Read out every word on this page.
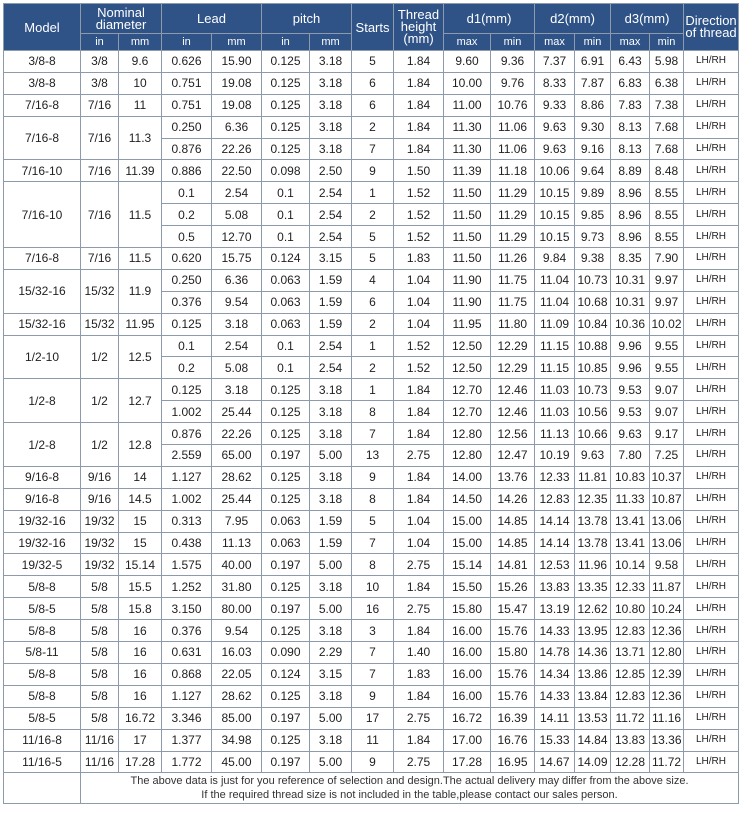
Model	Nominal diameter		Lead		pitch		Starts	Thread height (mm)	d1(mm)		d2(mm)		d3(mm)		Direction of thread
	in	mm	in	mm	in	mm			max	min	max	min	max	min	
3/8-8	3/8	9.6	0.626	15.90	0.125	3.18	5	1.84	9.60	9.36	7.37	6.91	6.43	5.98	LH/RH
3/8-8	3/8	10	0.751	19.08	0.125	3.18	6	1.84	10.00	9.76	8.33	7.87	6.83	6.38	LH/RH
7/16-8	7/16	11	0.751	19.08	0.125	3.18	6	1.84	11.00	10.76	9.33	8.86	7.83	7.38	LH/RH
7/16-8	7/16	11.3	0.250	6.36	0.125	3.18	2	1.84	11.30	11.06	9.63	9.30	8.13	7.68	LH/RH
			0.876	22.26	0.125	3.18	7	1.84	11.30	11.06	9.63	9.16	8.13	7.68	LH/RH
7/16-10	7/16	11.39	0.886	22.50	0.098	2.50	9	1.50	11.39	11.18	10.06	9.64	8.89	8.48	LH/RH
7/16-10	7/16	11.5	0.1	2.54	0.1	2.54	1	1.52	11.50	11.29	10.15	9.89	8.96	8.55	LH/RH
			0.2	5.08	0.1	2.54	2	1.52	11.50	11.29	10.15	9.85	8.96	8.55	LH/RH
			0.5	12.70	0.1	2.54	5	1.52	11.50	11.29	10.15	9.73	8.96	8.55	LH/RH
7/16-8	7/16	11.5	0.620	15.75	0.124	3.15	5	1.83	11.50	11.26	9.84	9.38	8.35	7.90	LH/RH
15/32-16	15/32	11.9	0.250	6.36	0.063	1.59	4	1.04	11.90	11.75	11.04	10.73	10.31	9.97	LH/RH
			0.376	9.54	0.063	1.59	6	1.04	11.90	11.75	11.04	10.68	10.31	9.97	LH/RH
15/32-16	15/32	11.95	0.125	3.18	0.063	1.59	2	1.04	11.95	11.80	11.09	10.84	10.36	10.02	LH/RH
1/2-10	1/2	12.5	0.1	2.54	0.1	2.54	1	1.52	12.50	12.29	11.15	10.88	9.96	9.55	LH/RH
			0.2	5.08	0.1	2.54	2	1.52	12.50	12.29	11.15	10.85	9.96	9.55	LH/RH
1/2-8	1/2	12.7	0.125	3.18	0.125	3.18	1	1.84	12.70	12.46	11.03	10.73	9.53	9.07	LH/RH
			1.002	25.44	0.125	3.18	8	1.84	12.70	12.46	11.03	10.56	9.53	9.07	LH/RH
1/2-8	1/2	12.8	0.876	22.26	0.125	3.18	7	1.84	12.80	12.56	11.13	10.66	9.63	9.17	LH/RH
			2.559	65.00	0.197	5.00	13	2.75	12.80	12.47	10.19	9.63	7.80	7.25	LH/RH
9/16-8	9/16	14	1.127	28.62	0.125	3.18	9	1.84	14.00	13.76	12.33	11.81	10.83	10.37	LH/RH
9/16-8	9/16	14.5	1.002	25.44	0.125	3.18	8	1.84	14.50	14.26	12.83	12.35	11.33	10.87	LH/RH
19/32-16	19/32	15	0.313	7.95	0.063	1.59	5	1.04	15.00	14.85	14.14	13.78	13.41	13.06	LH/RH
19/32-16	19/32	15	0.438	11.13	0.063	1.59	7	1.04	15.00	14.85	14.14	13.78	13.41	13.06	LH/RH
19/32-5	19/32	15.14	1.575	40.00	0.197	5.00	8	2.75	15.14	14.81	12.53	11.96	10.14	9.58	LH/RH
5/8-8	5/8	15.5	1.252	31.80	0.125	3.18	10	1.84	15.50	15.26	13.83	13.35	12.33	11.87	LH/RH
5/8-5	5/8	15.8	3.150	80.00	0.197	5.00	16	2.75	15.80	15.47	13.19	12.62	10.80	10.24	LH/RH
5/8-8	5/8	16	0.376	9.54	0.125	3.18	3	1.84	16.00	15.76	14.33	13.95	12.83	12.36	LH/RH
5/8-11	5/8	16	0.631	16.03	0.090	2.29	7	1.40	16.00	15.80	14.78	14.36	13.71	12.80	LH/RH
5/8-8	5/8	16	0.868	22.05	0.124	3.15	7	1.83	16.00	15.76	14.34	13.86	12.85	12.39	LH/RH
5/8-8	5/8	16	1.127	28.62	0.125	3.18	9	1.84	16.00	15.76	14.33	13.84	12.83	12.36	LH/RH
5/8-5	5/8	16.72	3.346	85.00	0.197	5.00	17	2.75	16.72	16.39	14.11	13.53	11.72	11.16	LH/RH
11/16-8	11/16	17	1.377	34.98	0.125	3.18	11	1.84	17.00	16.76	15.33	14.84	13.83	13.36	LH/RH
11/16-5	11/16	17.28	1.772	45.00	0.197	5.00	9	2.75	17.28	16.95	14.67	14.09	12.28	11.72	LH/RH

	The above data is just for you reference of selection and design.The actual delivery may differ from the above size.
If the required thread size is not included in the table,please contact our sales person.														
